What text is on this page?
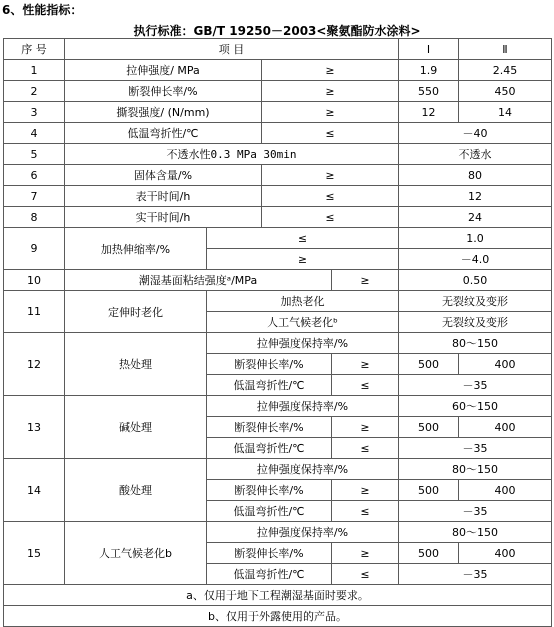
6、性能指标：
执行标准：GB/T 19250－2003<聚氨酯防水涂料>
序 号	项 目				Ⅰ	Ⅱ
1	拉伸强度/ MPa		≥		1.9	2.45
2	断裂伸长率/%		≥		550	450
3	撕裂强度/ (N/mm)		≥		12	14
4	低温弯折性/℃		≤		－40	
5	不透水性0.3 MPa 30min				不透水	
6	固体含量/%		≥		80	
7	表干时间/h		≤		12	
8	实干时间/h		≤		24	
9	加热伸缩率/%	≤			1.0	
		≥			－4.0	
10	潮湿基面粘结强度ᵃ/MPa			≥	0.50	
11	定伸时老化	加热老化			无裂纹及变形	
		人工气候老化ᵇ			无裂纹及变形	
12	热处理	拉伸强度保持率/%			80～150	
		断裂伸长率/%		≥	500	400
		低温弯折性/℃		≤	－35	
13	碱处理	拉伸强度保持率/%			60～150	
		断裂伸长率/%		≥	500	400
		低温弯折性/℃		≤	－35	
14	酸处理	拉伸强度保持率/%			80～150	
		断裂伸长率/%		≥	500	400
		低温弯折性/℃		≤	－35	
15	人工气候老化b	拉伸强度保持率/%			80～150	
		断裂伸长率/%		≥	500	400
		低温弯折性/℃		≤	－35	
a、仅用于地下工程潮湿基面时要求。						
b、仅用于外露使用的产品。						
